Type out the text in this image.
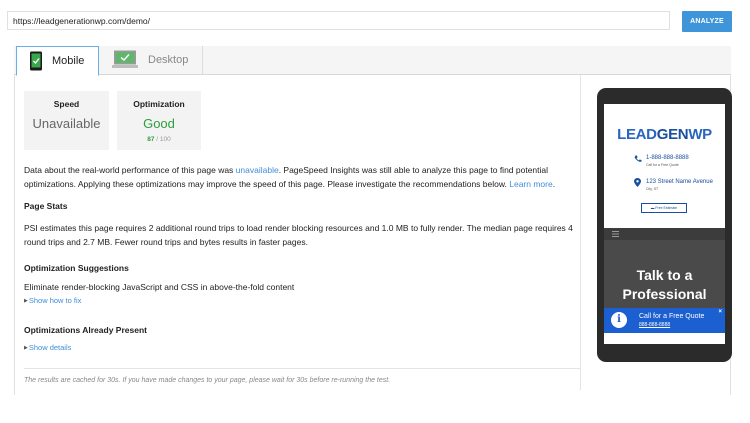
https://leadgenerationwp.com/demo/
ANALYZE
Mobile	Desktop
Speed
Unavailable
Optimization
Good
87 / 100
Data about the real-world performance of this page was unavailable. PageSpeed Insights was still able to analyze this page to find potential optimizations. Applying these optimizations may improve the speed of this page. Please investigate the recommendations below. Learn more.
Page Stats
PSI estimates this page requires 2 additional round trips to load render blocking resources and 1.0 MB to fully render. The median page requires 4 round trips and 2.7 MB. Fewer round trips and bytes results in faster pages.
Optimization Suggestions
Eliminate render-blocking JavaScript and CSS in above-the-fold content
▶Show how to fix
Optimizations Already Present
▶Show details
The results are cached for 30s. If you have made changes to your page, please wait for 30s before re-running the test.
LEADGENWP
1-888-888-8888
Call for a Free Quote
123 Street Name Avenue
City, ST
▬ Free Estimate
Talk to a
Professional
i	Call for a Free Quote
888-888-8888
×
